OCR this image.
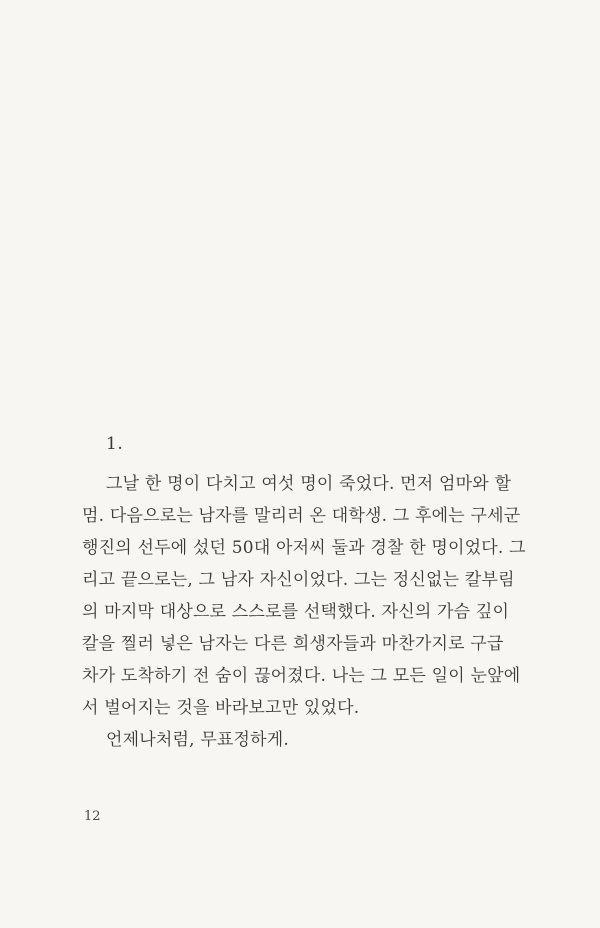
1.
그날 한 명이 다치고 여섯 명이 죽었다. 먼저 엄마와 할
멈. 다음으로는 남자를 말리러 온 대학생. 그 후에는 구세군
행진의 선두에 섰던 50대 아저씨 둘과 경찰 한 명이었다. 그
리고 끝으로는, 그 남자 자신이었다. 그는 정신없는 칼부림
의 마지막 대상으로 스스로를 선택했다. 자신의 가슴 깊이
칼을 찔러 넣은 남자는 다른 희생자들과 마찬가지로 구급
차가 도착하기 전 숨이 끊어졌다. 나는 그 모든 일이 눈앞에
서 벌어지는 것을 바라보고만 있었다.
언제나처럼, 무표정하게.
12
